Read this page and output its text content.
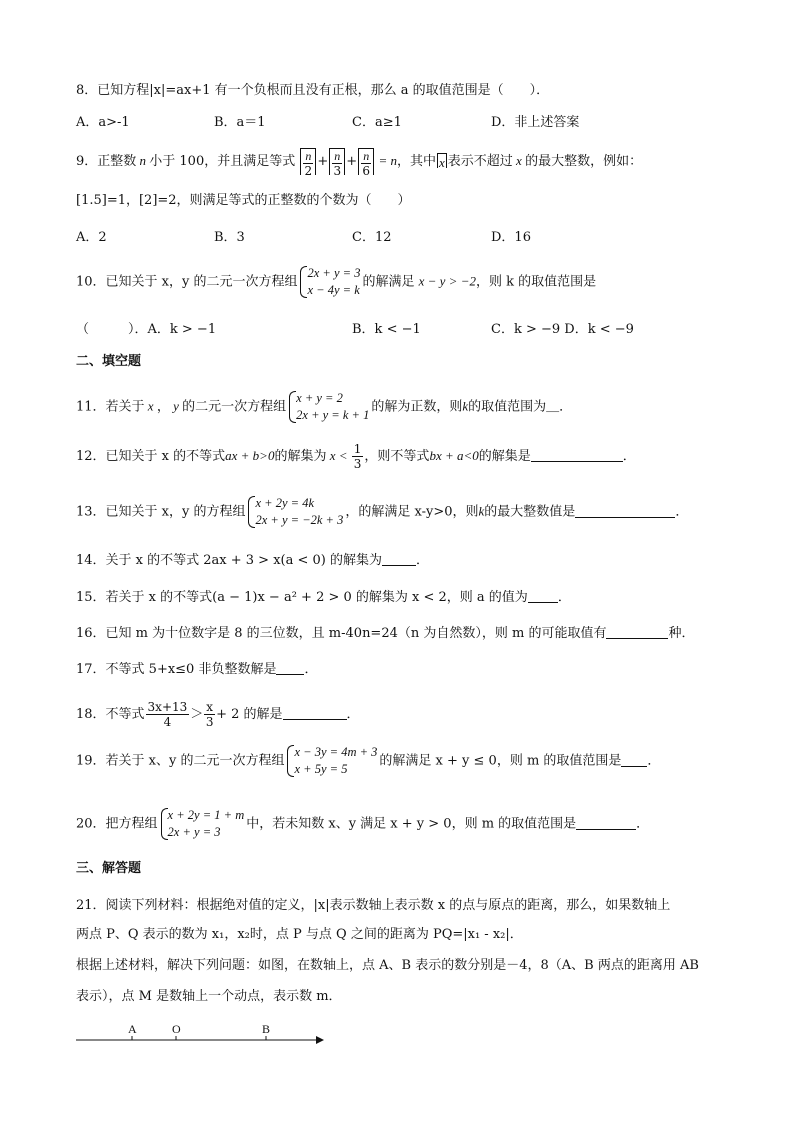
8．已知方程|x|=ax+1 有一个负根而且没有正根，那么 a 的取值范围是（　　）．
A．a>-1	B．a＝1	C．a≥1	D．非上述答案
9．正整数 n 小于 100，并且满足等式 $\frac{n}{2} + \frac{n}{3} + \frac{n}{6} = n$，其中 x 表示不超过 x 的最大整数，例如：
[1.5]=1，[2]=2，则满足等式的正整数的个数为（　　）
A．2	B．3	C．12	D．16
10．已知关于 x，y 的二元一次方程组
2x + y = 3
x − 4y = k
的解满足 x − y > −2，则 k 的取值范围是
（　　　）．A．k > −1	B．k < −1	C．k > −9 D．k < −9
二、填空题
11．若关于 x ， y 的二元一次方程组
x + y = 2
2x + y = k + 1
的解为正数，则k的取值范围为＿．
12．已知关于 x 的不等式ax + b>0的解集为 $x < \frac{1}{3}$ ，则不等式bx + a<0的解集是	．
13．已知关于 x，y 的方程组
x + 2y = 4k
2x + y = −2k + 3
，的解满足 x-y>0，则k的最大整数值是	．
14．关于 x 的不等式 2ax + 3 > x(a < 0) 的解集为	．
15．若关于 x 的不等式(a − 1)x − a² + 2 > 0 的解集为 x < 2，则 a 的值为 ．
16．已知 m 为十位数字是 8 的三位数，且 m-40n=24（n 为自然数），则 m 的可能取值有	种．
17．不等式 5+x≤0 非负整数解是 ．
18．不等式 $\frac{3x+13}{4} > \frac{x}{3} + 2$ 的解是	．
19．若关于 x、y 的二元一次方程组
x − 3y = 4m + 3
x + 5y = 5
的解满足 x + y ≤ 0，则 m 的取值范围是 ．
20．把方程组
x + 2y = 1 + m
2x + y = 3
中，若未知数 x、y 满足 x + y > 0，则 m 的取值范围是	．
三、解答题
21．阅读下列材料：根据绝对值的定义，|x|表示数轴上表示数 x 的点与原点的距离，那么，如果数轴上
两点 P、Q 表示的数为 x₁，x₂时，点 P 与点 Q 之间的距离为 PQ=|x₁ - x₂|．
根据上述材料，解决下列问题：如图，在数轴上，点 A、B 表示的数分别是－4，8（A、B 两点的距离用 AB
表示），点 M 是数轴上一个动点，表示数 m．
A	O	B
